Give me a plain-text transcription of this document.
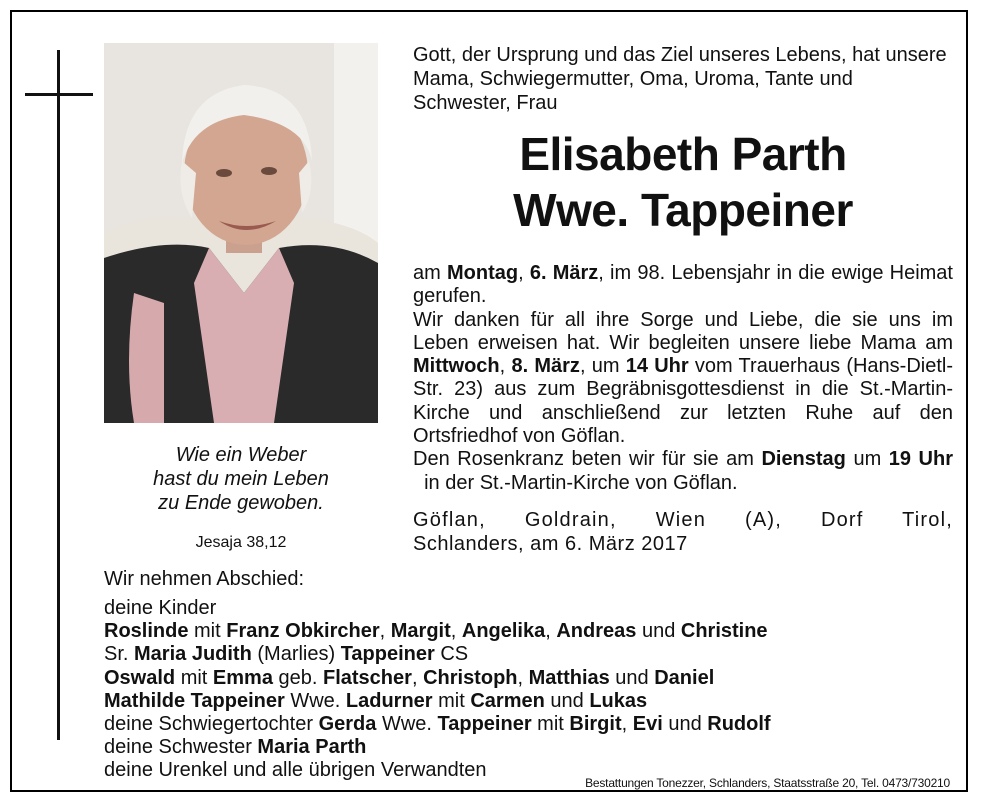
Wie ein Weber
hast du mein Leben
zu Ende gewoben.
Jesaja 38,12
Gott, der Ursprung und das Ziel unseres Lebens, hat unsere Mama, Schwiegermutter, Oma, Uroma, Tante und Schwester, Frau
Elisabeth Parth
Wwe. Tappeiner
am Montag, 6. März, im 98. Lebensjahr in die ewige Heimat gerufen.
Wir danken für all ihre Sorge und Liebe, die sie uns im Leben erweisen hat. Wir begleiten unsere liebe Mama am Mittwoch, 8. März, um 14 Uhr vom Trauerhaus (Hans-Dietl-Str. 23) aus zum Begräbnisgottesdienst in die St.-Martin-Kirche und anschließend zur letzten Ruhe auf den Ortsfriedhof von Göflan.
Den Rosenkranz beten wir für sie am Dienstag um 19 Uhr  in der St.-Martin-Kirche von Göflan.
Göflan, Goldrain, Wien (A), Dorf Tirol,
Schlanders, am 6. März 2017
Wir nehmen Abschied:
deine Kinder
Roslinde mit Franz Obkircher, Margit, Angelika, Andreas und Christine
Sr. Maria Judith (Marlies) Tappeiner CS
Oswald mit Emma geb. Flatscher, Christoph, Matthias und Daniel
Mathilde Tappeiner Wwe. Ladurner mit Carmen und Lukas
deine Schwiegertochter Gerda Wwe. Tappeiner mit Birgit, Evi und Rudolf
deine Schwester Maria Parth
deine Urenkel und alle übrigen Verwandten
Bestattungen Tonezzer, Schlanders, Staatsstraße 20, Tel. 0473/730210
